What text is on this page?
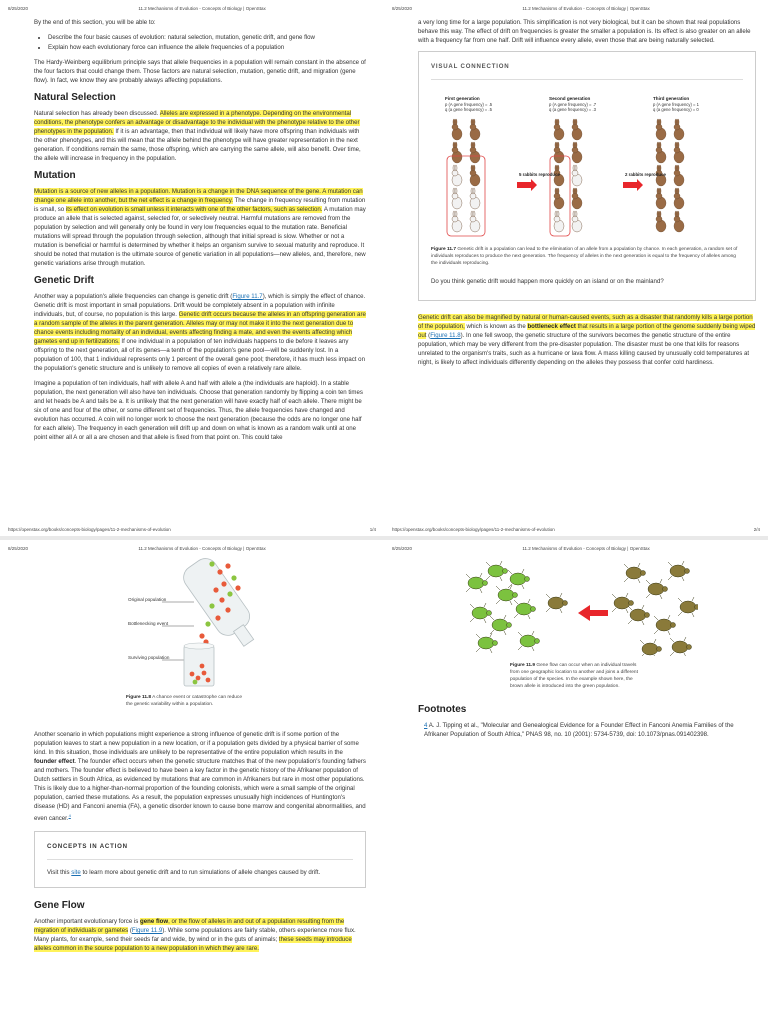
8/25/2020	11.2 Mechanisms of Evolution - Concepts of Biology | OpenStax

By the end of this section, you will be able to:

• Describe the four basic causes of evolution: natural selection, mutation, genetic drift, and gene flow
• Explain how each evolutionary force can influence the allele frequencies of a population

The Hardy-Weinberg equilibrium principle says that allele frequencies in a population will remain constant in the absence of the four factors that could change them. Those factors are natural selection, mutation, genetic drift, and migration (gene flow). In fact, we know they are probably always affecting populations.

Natural Selection

Natural selection has already been discussed. Alleles are expressed in a phenotype. Depending on the environmental conditions, the phenotype confers an advantage or disadvantage to the individual with the phenotype relative to the other phenotypes in the population. If it is an advantage, then that individual will likely have more offspring than individuals with the other phenotypes, and this will mean that the allele behind the phenotype will have greater representation in the next generation. If conditions remain the same, those offspring, which are carrying the same allele, will also benefit. Over time, the allele will increase in frequency in the population.

Mutation

Mutation is a source of new alleles in a population. Mutation is a change in the DNA sequence of the gene. A mutation can change one allele into another, but the net effect is a change in frequency. The change in frequency resulting from mutation is small, so its effect on evolution is small unless it interacts with one of the other factors, such as selection. A mutation may produce an allele that is selected against, selected for, or selectively neutral. Harmful mutations are removed from the population by selection and will generally only be found in very low frequencies equal to the mutation rate. Beneficial mutations will spread through the population through selection, although that initial spread is slow. Whether or not a mutation is beneficial or harmful is determined by whether it helps an organism survive to sexual maturity and reproduce. It should be noted that mutation is the ultimate source of genetic variation in all populations—new alleles, and, therefore, new genetic variations arise through mutation.

Genetic Drift

Another way a population's allele frequencies can change is genetic drift (Figure 11.7), which is simply the effect of chance. Genetic drift is most important in small populations. Drift would be completely absent in a population with infinite individuals, but, of course, no population is this large. Genetic drift occurs because the alleles in an offspring generation are a random sample of the alleles in the parent generation. Alleles may or may not make it into the next generation due to chance events including mortality of an individual, events affecting finding a mate, and even the events affecting which gametes end up in fertilizations. If one individual in a population of ten individuals happens to die before it leaves any offspring to the next generation, all of its genes—a tenth of the population's gene pool—will be suddenly lost. In a population of 100, that 1 individual represents only 1 percent of the overall gene pool; therefore, it has much less impact on the population's genetic structure and is unlikely to remove all copies of even a relatively rare allele.

Imagine a population of ten individuals, half with allele A and half with allele a (the individuals are haploid). In a stable population, the next generation will also have ten individuals. Choose that generation randomly by flipping a coin ten times and let heads be A and tails be a. It is unlikely that the next generation will have exactly half of each allele. There might be six of one and four of the other, or some different set of frequencies. Thus, the allele frequencies have changed and evolution has occurred. A coin will no longer work to choose the next generation (because the odds are no longer one half for each allele). The frequency in each generation will drift up and down on what is known as a random walk until at one point either all A or all a are chosen and that allele is fixed from that point on. This could take

https://openstax.org/books/concepts-biology/pages/11-2-mechanisms-of-evolution	1/4
8/25/2020	11.2 Mechanisms of Evolution - Concepts of Biology | OpenStax

a very long time for a large population. This simplification is not very biological, but it can be shown that real populations behave this way. The effect of drift on frequencies is greater the smaller a population is. Its effect is also greater on an allele with a frequency far from one half. Drift will influence every allele, even those that are being naturally selected.

VISUAL CONNECTION
First generation
p (A gene frequency) = .5
q (a gene frequency) = .5
Second generation
p (A gene frequency) = .7
q (a gene frequency) = .3
Third generation
p (A gene frequency) = 1
q (a gene frequency) = 0
5 rabbits reproduce	2 rabbits reproduce

Figure 11.7 Genetic drift in a population can lead to the elimination of an allele from a population by chance. In each generation, a random set of individuals reproduces to produce the next generation. The frequency of alleles in the next generation is equal to the frequency of alleles among the individuals reproducing.

Do you think genetic drift would happen more quickly on an island or on the mainland?

Genetic drift can also be magnified by natural or human-caused events, such as a disaster that randomly kills a large portion of the population, which is known as the bottleneck effect that results in a large portion of the genome suddenly being wiped out (Figure 11.8). In one fell swoop, the genetic structure of the survivors becomes the genetic structure of the entire population, which may be very different from the pre-disaster population. The disaster must be one that kills for reasons unrelated to the organism's traits, such as a hurricane or lava flow. A mass killing caused by unusually cold temperatures at night, is likely to affect individuals differently depending on the alleles they possess that confer cold hardiness.

https://openstax.org/books/concepts-biology/pages/11-2-mechanisms-of-evolution	2/4
8/25/2020	11.2 Mechanisms of Evolution - Concepts of Biology | OpenStax
Original population
Bottlenecking event
Surviving population

Figure 11.8 A chance event or catastrophe can reduce the genetic variability within a population.

Another scenario in which populations might experience a strong influence of genetic drift is if some portion of the population leaves to start a new population in a new location, or if a population gets divided by a physical barrier of some kind. In this situation, those individuals are unlikely to be representative of the entire population which results in the founder effect. The founder effect occurs when the genetic structure matches that of the new population's founding fathers and mothers. The founder effect is believed to have been a key factor in the genetic history of the Afrikaner population of Dutch settlers in South Africa, as evidenced by mutations that are common in Afrikaners but rare in most other populations. This is likely due to a higher-than-normal proportion of the founding colonists, which were a small sample of the original population, carried these mutations. As a result, the population expresses unusually high incidences of Huntington's disease (HD) and Fanconi anemia (FA), a genetic disorder known to cause bone marrow and congenital abnormalities, and even cancer.$^4$

CONCEPTS IN ACTION

Visit this site to learn more about genetic drift and to run simulations of allele changes caused by drift.

Gene Flow

Another important evolutionary force is gene flow, or the flow of alleles in and out of a population resulting from the migration of individuals or gametes (Figure 11.9). While some populations are fairly stable, others experience more flux. Many plants, for example, send their seeds far and wide, by wind or in the guts of animals; these seeds may introduce alleles common in the source population to a new population in which they are rare.

8/25/2020	11.2 Mechanisms of Evolution - Concepts of Biology | OpenStax

Figure 11.9 Gene flow can occur when an individual travels from one geographic location to another and joins a different population of the species. In the example shown here, the brown allele is introduced into the green population.

Footnotes

4 A. J. Tipping et al., "Molecular and Genealogical Evidence for a Founder Effect in Fanconi Anemia Families of the Afrikaner Population of South Africa," PNAS 98, no. 10 (2001): 5734-5739, doi: 10.1073/pnas.091402398.
